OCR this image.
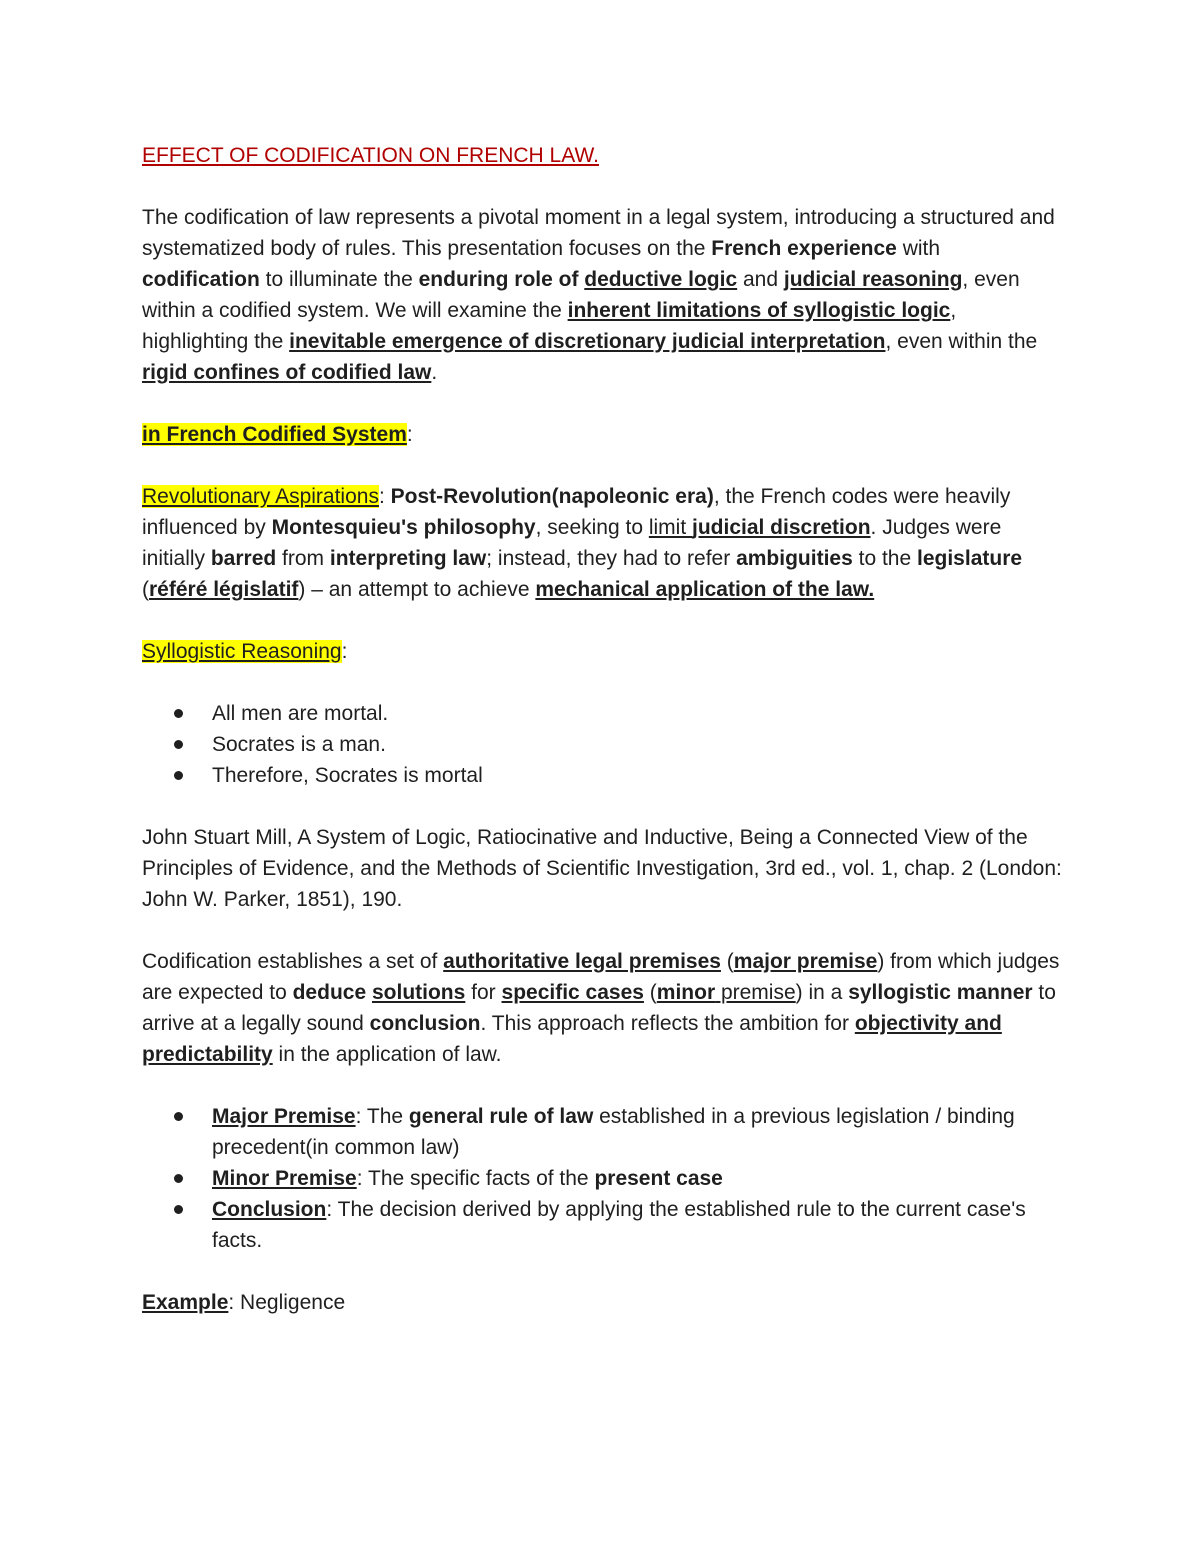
EFFECT OF CODIFICATION ON FRENCH LAW.

The codification of law represents a pivotal moment in a legal system, introducing a structured and systematized body of rules. This presentation focuses on the French experience with codification to illuminate the enduring role of deductive logic and judicial reasoning, even within a codified system. We will examine the inherent limitations of syllogistic logic, highlighting the inevitable emergence of discretionary judicial interpretation, even within the rigid confines of codified law.

in French Codified System:

Revolutionary Aspirations: Post-Revolution(napoleonic era), the French codes were heavily influenced by Montesquieu's philosophy, seeking to limit judicial discretion. Judges were initially barred from interpreting law; instead, they had to refer ambiguities to the legislature (référé législatif) – an attempt to achieve mechanical application of the law.

Syllogistic Reasoning:

All men are mortal.
Socrates is a man.
Therefore, Socrates is mortal

John Stuart Mill, A System of Logic, Ratiocinative and Inductive, Being a Connected View of the Principles of Evidence, and the Methods of Scientific Investigation, 3rd ed., vol. 1, chap. 2 (London: John W. Parker, 1851), 190.

Codification establishes a set of authoritative legal premises (major premise) from which judges are expected to deduce solutions for specific cases (minor premise) in a syllogistic manner to arrive at a legally sound conclusion. This approach reflects the ambition for objectivity and predictability in the application of law.

Major Premise: The general rule of law established in a previous legislation / binding precedent(in common law)
Minor Premise: The specific facts of the present case
Conclusion: The decision derived by applying the established rule to the current case's facts.

Example: Negligence
